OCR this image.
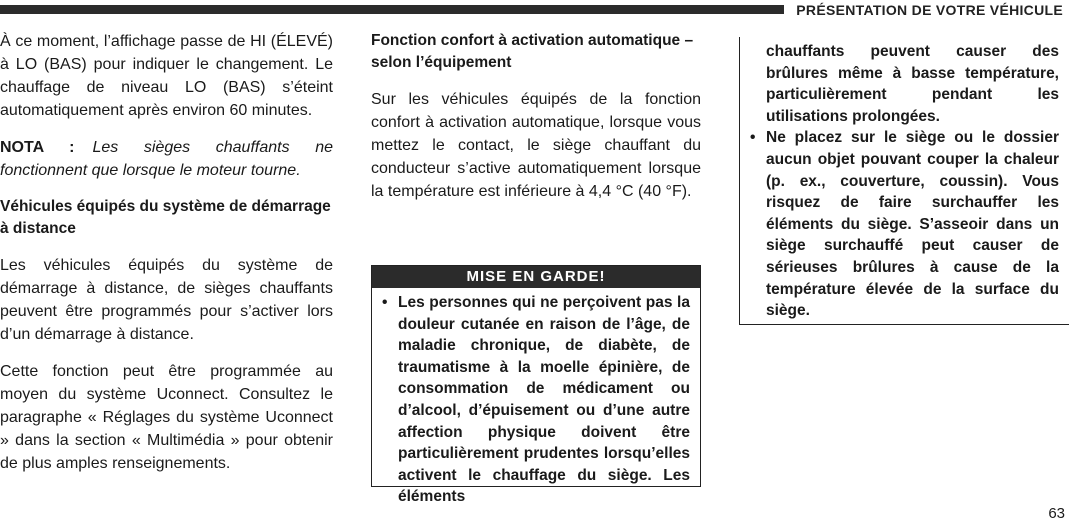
PRÉSENTATION DE VOTRE VÉHICULE

À ce moment, l’affichage passe de HI (ÉLEVÉ) à LO (BAS) pour indiquer le changement. Le chauffage de niveau LO (BAS) s’éteint automatiquement après environ 60 minutes.

NOTA : Les sièges chauffants ne fonctionnent que lorsque le moteur tourne.

Véhicules équipés du système de démarrage à distance

Les véhicules équipés du système de démarrage à distance, de sièges chauffants peuvent être programmés pour s’activer lors d’un démarrage à distance.

Cette fonction peut être programmée au moyen du système Uconnect. Consultez le paragraphe « Réglages du système Uconnect » dans la section « Multimédia » pour obtenir de plus amples renseignements.

Fonction confort à activation automatique – selon l’équipement

Sur les véhicules équipés de la fonction confort à activation automatique, lorsque vous mettez le contact, le siège chauffant du conducteur s’active automatiquement lorsque la température est inférieure à 4,4 °C (40 °F).

MISE EN GARDE!
• Les personnes qui ne perçoivent pas la douleur cutanée en raison de l’âge, de maladie chronique, de diabète, de traumatisme à la moelle épinière, de consommation de médicament ou d’alcool, d’épuisement ou d’une autre affection physique doivent être particulièrement prudentes lorsqu’elles activent le chauffage du siège. Les éléments
chauffants peuvent causer des brûlures même à basse température, particulièrement pendant les utilisations prolongées.
• Ne placez sur le siège ou le dossier aucun objet pouvant couper la chaleur (p. ex., couverture, coussin). Vous risquez de faire surchauffer les éléments du siège. S’asseoir dans un siège surchauffé peut causer de sérieuses brûlures à cause de la température élevée de la surface du siège.
63
